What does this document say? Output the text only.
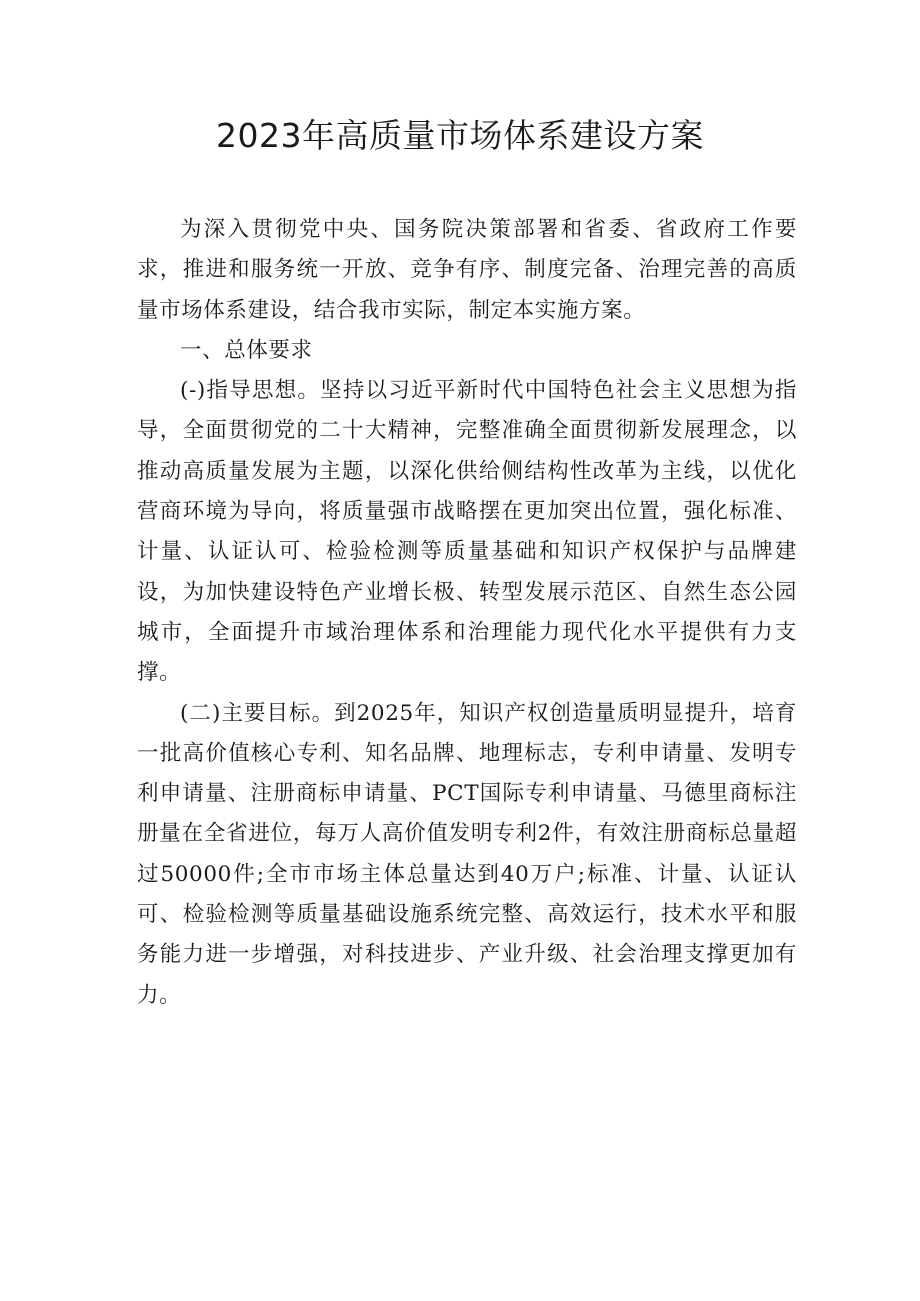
2023年高质量市场体系建设方案

为深入贯彻党中央、国务院决策部署和省委、省政府工作要求，推进和服务统一开放、竞争有序、制度完备、治理完善的高质量市场体系建设，结合我市实际，制定本实施方案。

一、总体要求

(-)指导思想。坚持以习近平新时代中国特色社会主义思想为指导，全面贯彻党的二十大精神，完整准确全面贯彻新发展理念，以推动高质量发展为主题，以深化供给侧结构性改革为主线，以优化营商环境为导向，将质量强市战略摆在更加突出位置，强化标准、计量、认证认可、检验检测等质量基础和知识产权保护与品牌建设，为加快建设特色产业增长极、转型发展示范区、自然生态公园城市，全面提升市域治理体系和治理能力现代化水平提供有力支撑。

(二)主要目标。到2025年，知识产权创造量质明显提升，培育一批高价值核心专利、知名品牌、地理标志，专利申请量、发明专利申请量、注册商标申请量、PCT国际专利申请量、马德里商标注册量在全省进位，每万人高价值发明专利2件，有效注册商标总量超过50000件;全市市场主体总量达到40万户;标准、计量、认证认可、检验检测等质量基础设施系统完整、高效运行，技术水平和服务能力进一步增强，对科技进步、产业升级、社会治理支撑更加有力。
